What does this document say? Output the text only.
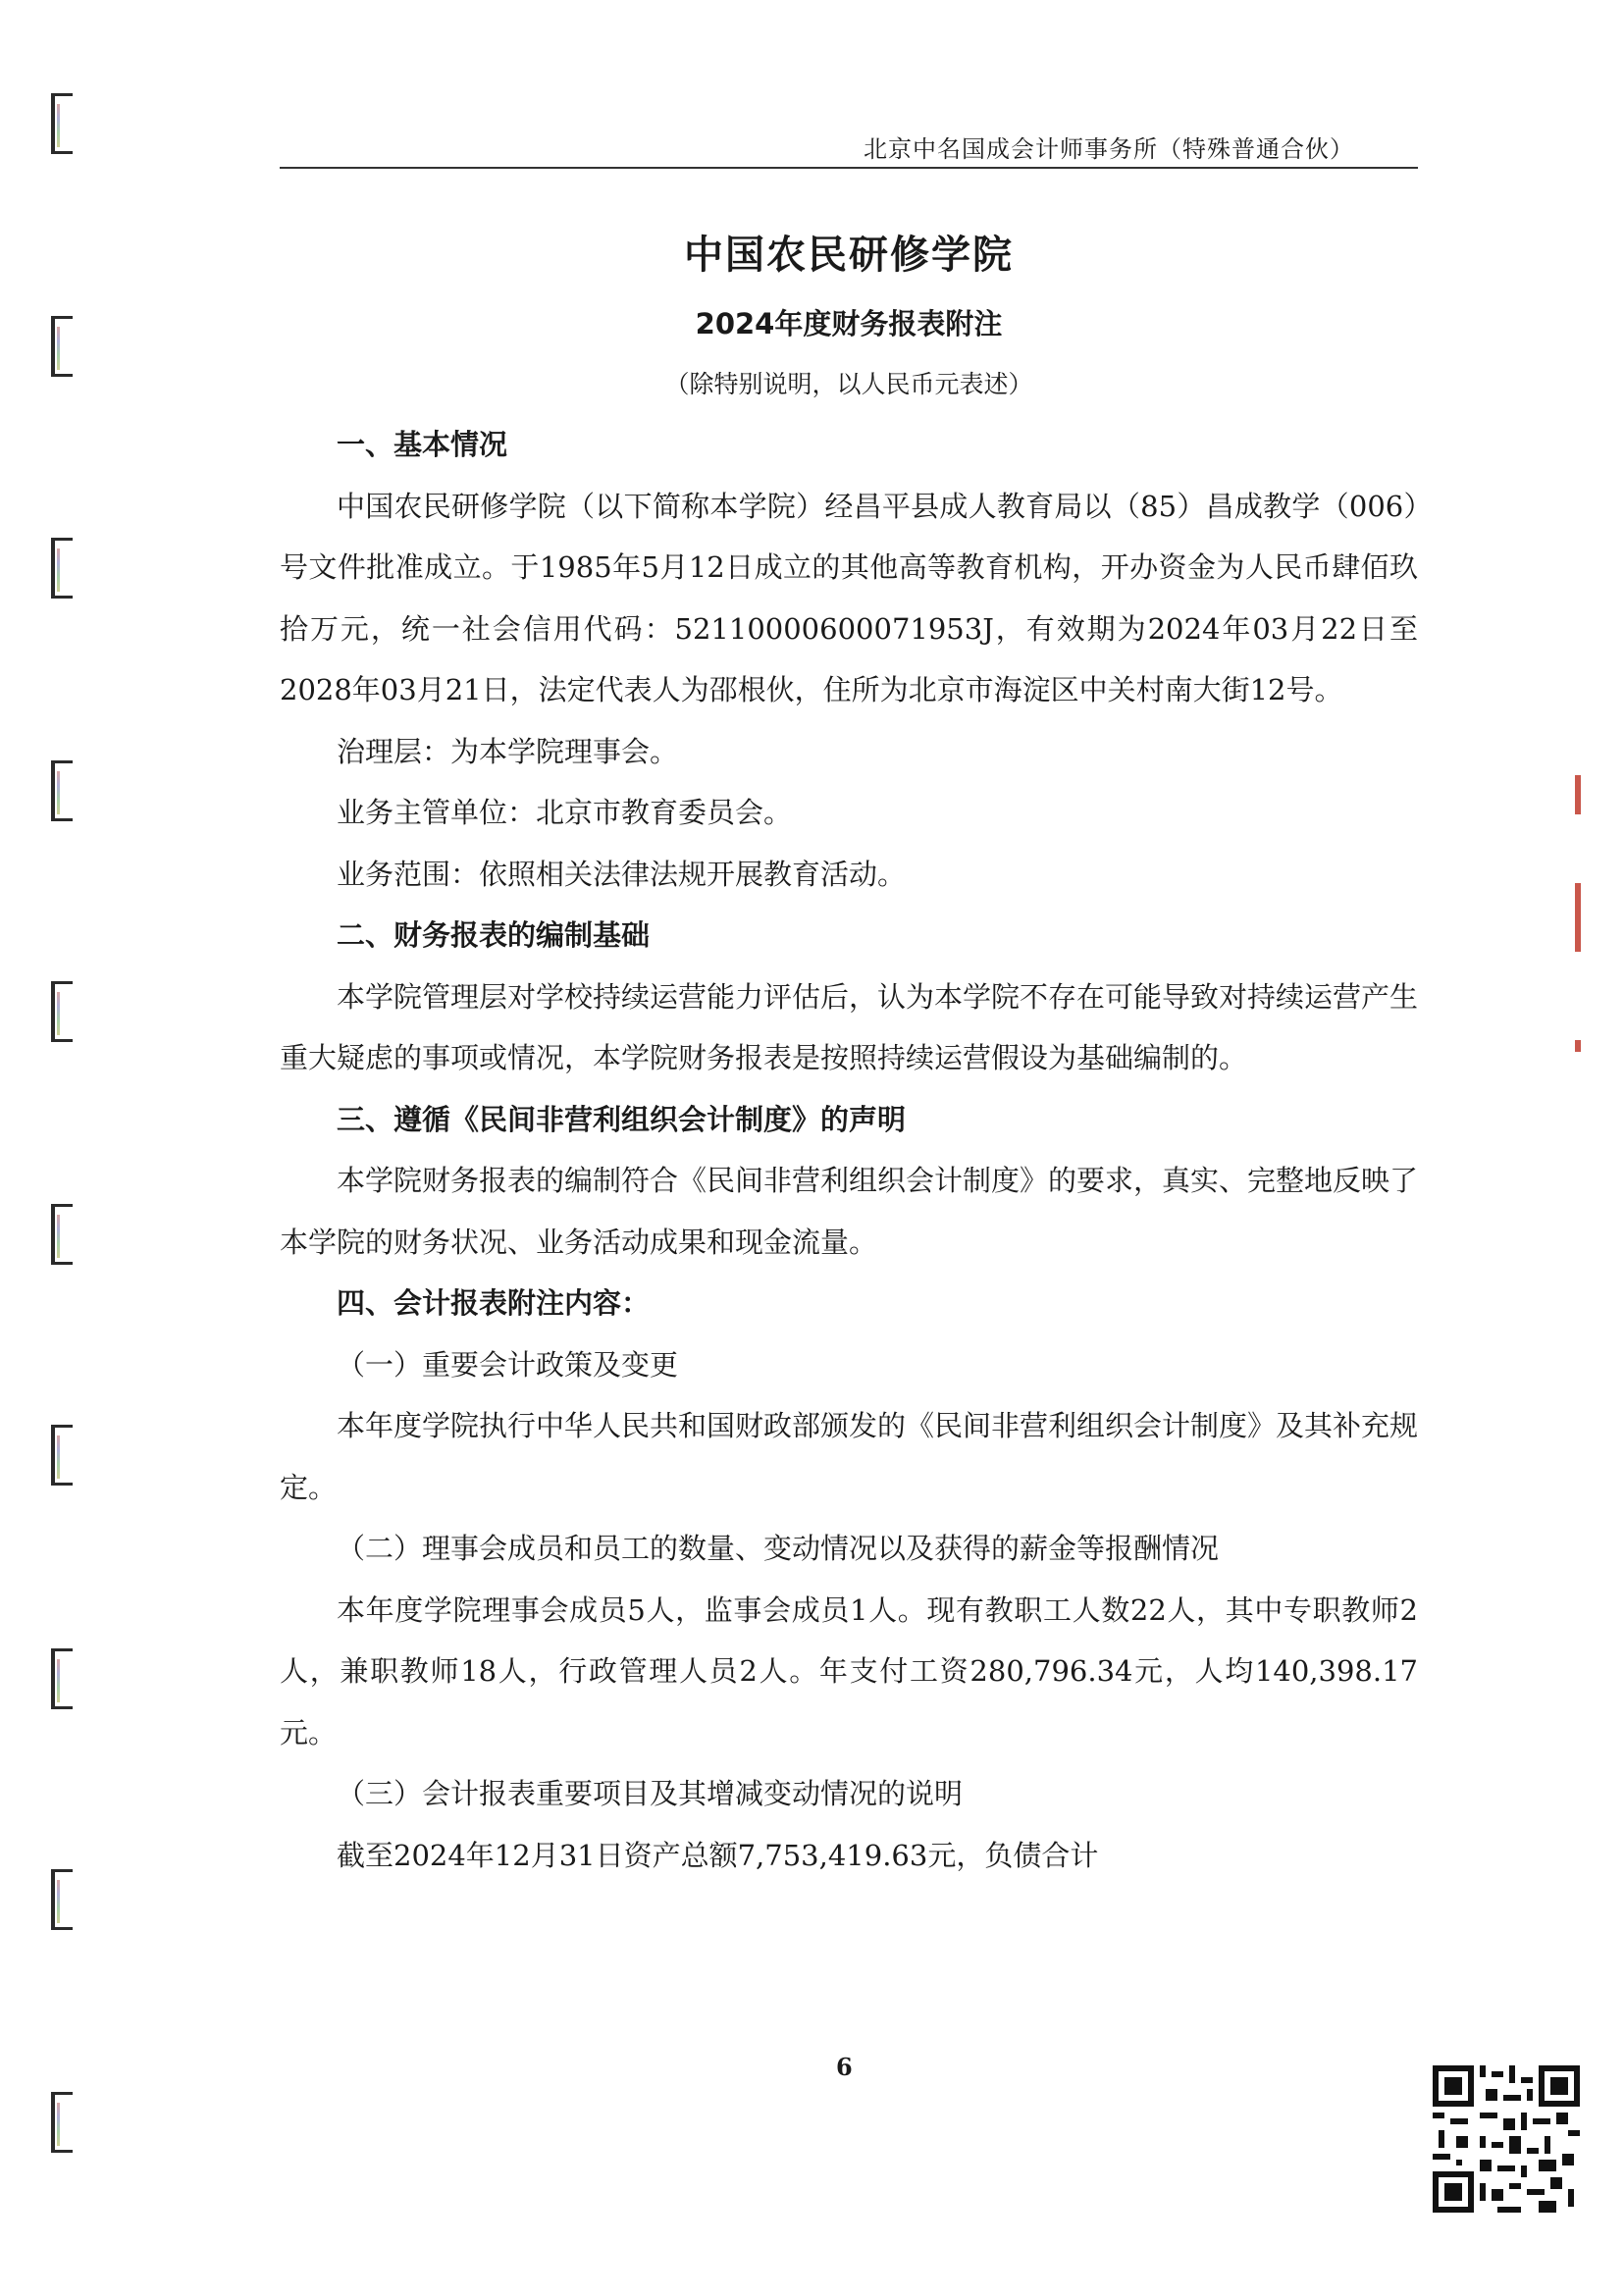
北京中名国成会计师事务所（特殊普通合伙）
中国农民研修学院
2024年度财务报表附注
（除特别说明，以人民币元表述）

一、基本情况

中国农民研修学院（以下简称本学院）经昌平县成人教育局以（85）昌成教学（006）号文件批准成立。于1985年5月12日成立的其他高等教育机构，开办资金为人民币肆佰玖拾万元，统一社会信用代码：52110000600071953J，有效期为2024年03月22日至2028年03月21日，法定代表人为邵根伙，住所为北京市海淀区中关村南大街12号。

治理层：为本学院理事会。

业务主管单位：北京市教育委员会。

业务范围：依照相关法律法规开展教育活动。

二、财务报表的编制基础

本学院管理层对学校持续运营能力评估后，认为本学院不存在可能导致对持续运营产生重大疑虑的事项或情况，本学院财务报表是按照持续运营假设为基础编制的。

三、遵循《民间非营利组织会计制度》的声明

本学院财务报表的编制符合《民间非营利组织会计制度》的要求，真实、完整地反映了本学院的财务状况、业务活动成果和现金流量。

四、会计报表附注内容：

（一）重要会计政策及变更

本年度学院执行中华人民共和国财政部颁发的《民间非营利组织会计制度》及其补充规定。

（二）理事会成员和员工的数量、变动情况以及获得的薪金等报酬情况

本年度学院理事会成员5人，监事会成员1人。现有教职工人数22人，其中专职教师2人，兼职教师18人，行政管理人员2人。年支付工资280,796.34元，人均140,398.17元。

（三）会计报表重要项目及其增减变动情况的说明

截至2024年12月31日资产总额7,753,419.63元，负债合计

6
